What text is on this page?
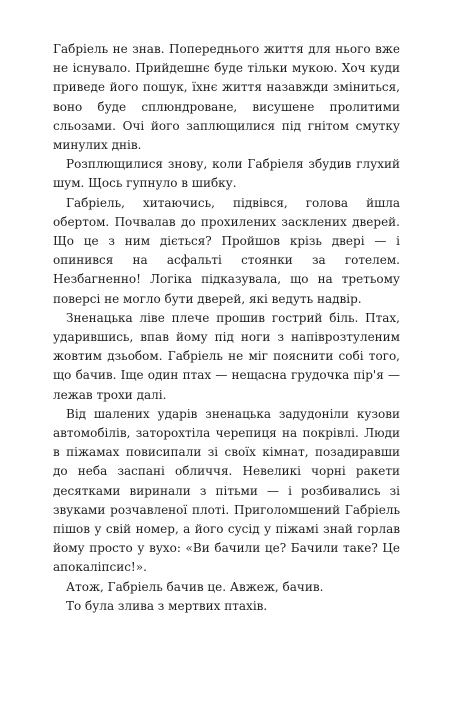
Габріель не знав. Попереднього життя для нього вже не існувало. Прийдешнє буде тільки мукою. Хоч куди приведе його пошук, їхнє життя назавжди зміниться, воно буде сплюндроване, висушене пролитими сльозами. Очі його заплющилися під гнітом смутку минулих днів.

Розплющилися знову, коли Габріеля збудив глухий шум. Щось гупнуло в шибку.

Габріель, хитаючись, підвівся, голова йшла обертом. Почвалав до прохилених засклених дверей. Що це з ним діється? Пройшов крізь двері — і опинився на асфальті стоянки за готелем. Незбагненно! Логіка підказувала, що на третьому поверсі не могло бути дверей, які ведуть надвір.

Зненацька ліве плече прошив гострий біль. Птах, ударившись, впав йому під ноги з напіврозтуленим жовтим дзьобом. Габріель не міг пояснити собі того, що бачив. Іще один птах — нещасна грудочка пір'я — лежав трохи далі.

Від шалених ударів зненацька задудоніли кузови автомобілів, заторохтіла черепиця на покрівлі. Люди в піжамах повисипали зі своїх кімнат, позадиравши до неба заспані обличчя. Невеликі чорні ракети десятками виринали з пітьми — і розбивались зі звуками розчавленої плоті. Приголомшений Габріель пішов у свій номер, а його сусід у піжамі знай горлав йому просто у вухо: «Ви бачили це? Бачили таке? Це апокаліпсис!».

Атож, Габріель бачив це. Авжеж, бачив.

То була злива з мертвих птахів.
